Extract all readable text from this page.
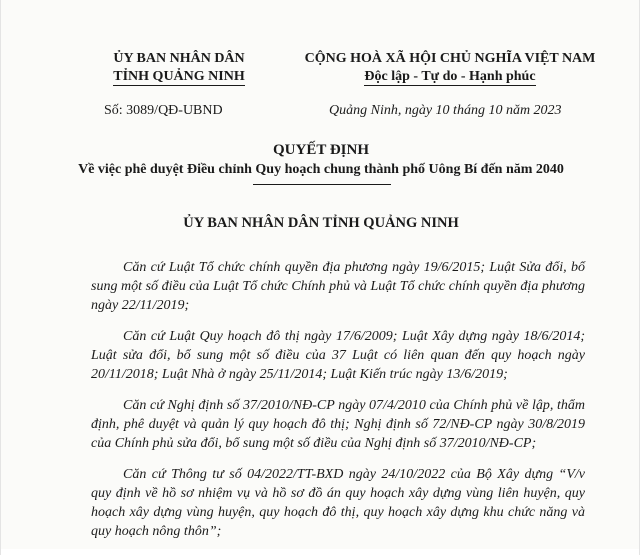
ỦY BAN NHÂN DÂN
TỈNH QUẢNG NINH
CỘNG HOÀ XÃ HỘI CHỦ NGHĨA VIỆT NAM
Độc lập - Tự do - Hạnh phúc
Số: 3089/QĐ-UBND	Quảng Ninh, ngày 10 tháng 10 năm 2023
QUYẾT ĐỊNH
Về việc phê duyệt Điều chỉnh Quy hoạch chung thành phố Uông Bí đến năm 2040
ỦY BAN NHÂN DÂN TỈNH QUẢNG NINH

Căn cứ Luật Tổ chức chính quyền địa phương ngày 19/6/2015; Luật Sửa đổi, bổ sung một số điều của Luật Tổ chức Chính phủ và Luật Tổ chức chính quyền địa phương ngày 22/11/2019;

Căn cứ Luật Quy hoạch đô thị ngày 17/6/2009; Luật Xây dựng ngày 18/6/2014; Luật sửa đổi, bổ sung một số điều của 37 Luật có liên quan đến quy hoạch ngày 20/11/2018; Luật Nhà ở ngày 25/11/2014; Luật Kiến trúc ngày 13/6/2019;

Căn cứ Nghị định số 37/2010/NĐ-CP ngày 07/4/2010 của Chính phủ về lập, thẩm định, phê duyệt và quản lý quy hoạch đô thị; Nghị định số 72/NĐ-CP ngày 30/8/2019 của Chính phủ sửa đổi, bổ sung một số điều của Nghị định số 37/2010/NĐ-CP;

Căn cứ Thông tư số 04/2022/TT-BXD ngày 24/10/2022 của Bộ Xây dựng “V/v quy định về hồ sơ nhiệm vụ và hồ sơ đồ án quy hoạch xây dựng vùng liên huyện, quy hoạch xây dựng vùng huyện, quy hoạch đô thị, quy hoạch xây dựng khu chức năng và quy hoạch nông thôn”;
